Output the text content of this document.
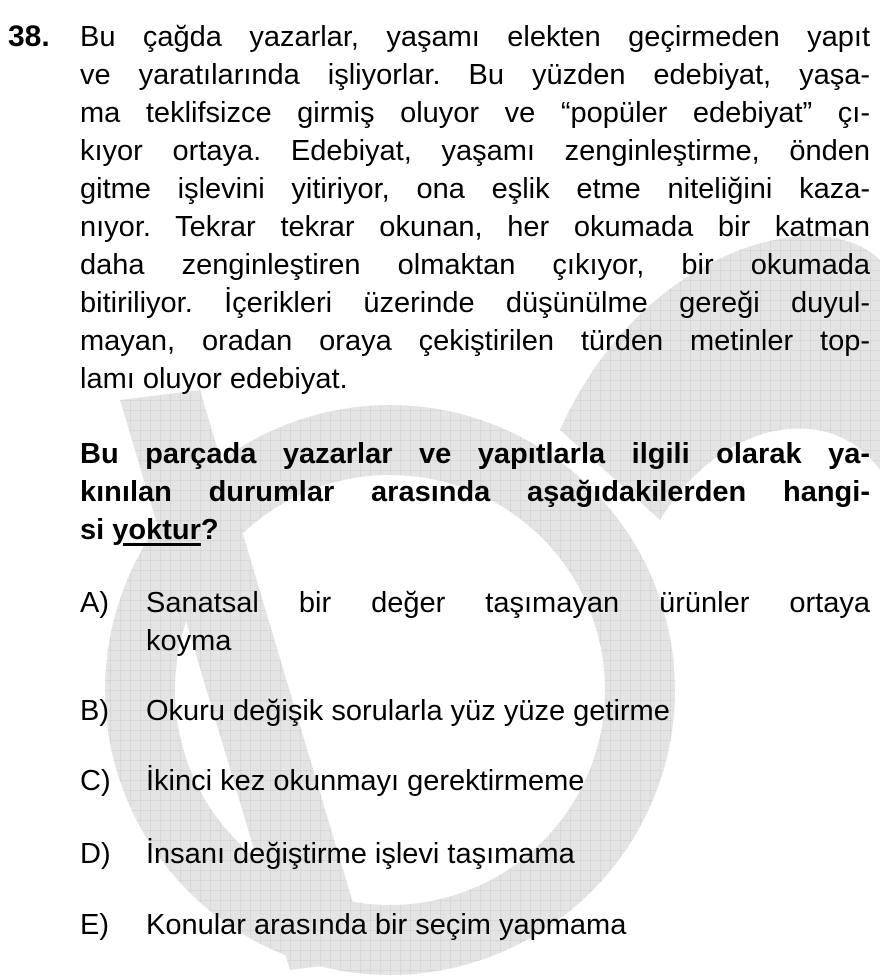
38. Bu çağda yazarlar, yaşamı elekten geçirmeden yapıt
ve yaratılarında işliyorlar. Bu yüzden edebiyat, yaşa-
ma teklifsizce girmiş oluyor ve “popüler edebiyat” çı-
kıyor ortaya. Edebiyat, yaşamı zenginleştirme, önden
gitme işlevini yitiriyor, ona eşlik etme niteliğini kaza-
nıyor. Tekrar tekrar okunan, her okumada bir katman
daha zenginleştiren olmaktan çıkıyor, bir okumada
bitiriliyor. İçerikleri üzerinde düşünülme gereği duyul-
mayan, oradan oraya çekiştirilen türden metinler top-
lamı oluyor edebiyat.
Bu parçada yazarlar ve yapıtlarla ilgili olarak ya-
kınılan durumlar arasında aşağıdakilerden hangi-
si yoktur?
A) Sanatsal bir değer taşımayan ürünler ortaya
koyma
B) Okuru değişik sorularla yüz yüze getirme
C) İkinci kez okunmayı gerektirmeme
D) İnsanı değiştirme işlevi taşımama
E) Konular arasında bir seçim yapmama
